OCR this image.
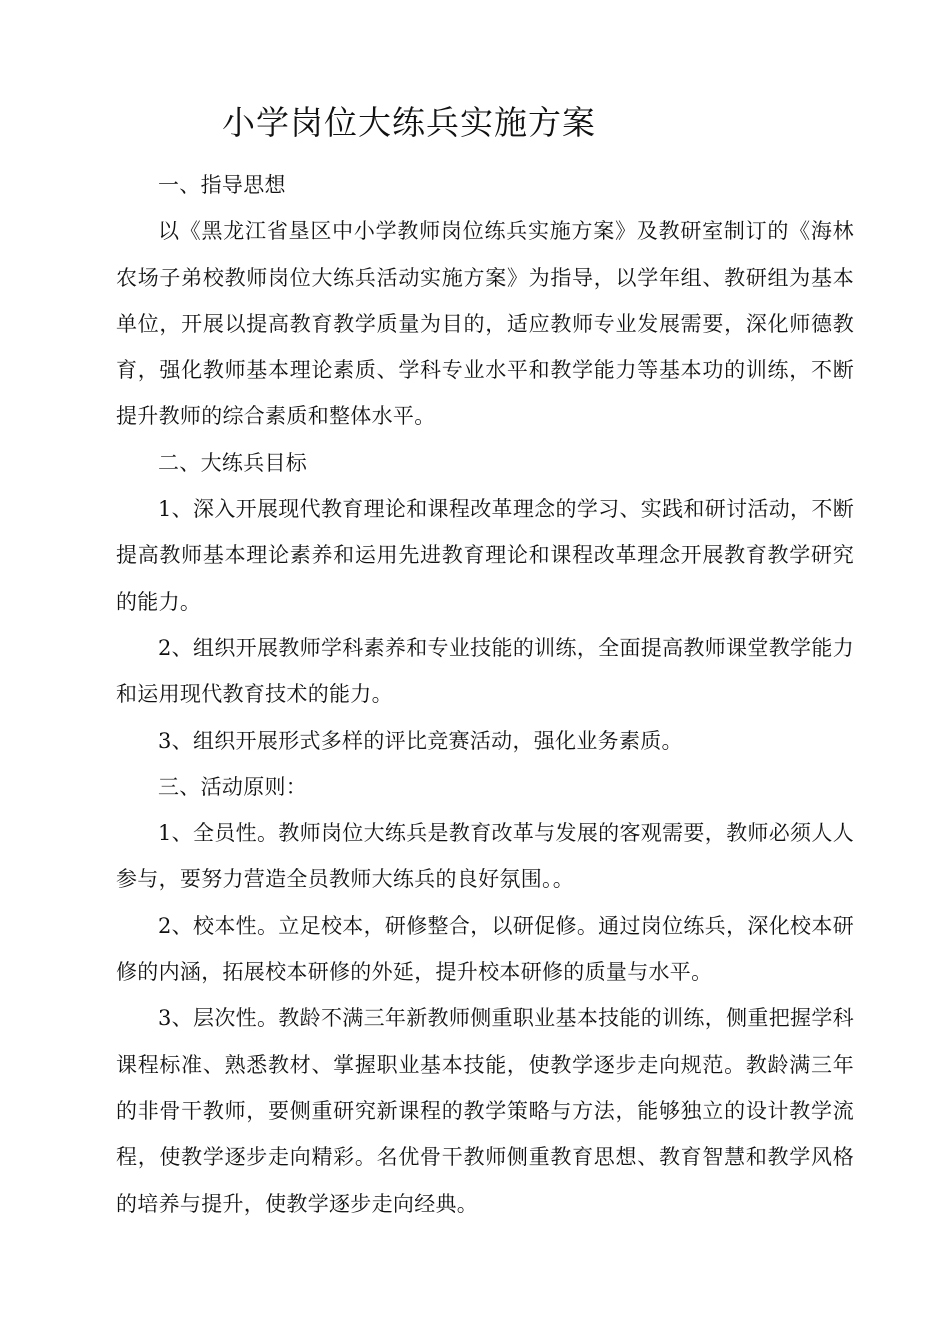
小学岗位大练兵实施方案

一、指导思想

以《黑龙江省垦区中小学教师岗位练兵实施方案》及教研室制订的《海林农场子弟校教师岗位大练兵活动实施方案》为指导，以学年组、教研组为基本单位，开展以提高教育教学质量为目的，适应教师专业发展需要，深化师德教育，强化教师基本理论素质、学科专业水平和教学能力等基本功的训练，不断提升教师的综合素质和整体水平。

二、大练兵目标

1、深入开展现代教育理论和课程改革理念的学习、实践和研讨活动，不断提高教师基本理论素养和运用先进教育理论和课程改革理念开展教育教学研究的能力。

2、组织开展教师学科素养和专业技能的训练，全面提高教师课堂教学能力和运用现代教育技术的能力。

3、组织开展形式多样的评比竞赛活动，强化业务素质。

三、活动原则：

1、全员性。教师岗位大练兵是教育改革与发展的客观需要，教师必须人人参与，要努力营造全员教师大练兵的良好氛围。。

2、校本性。立足校本，研修整合，以研促修。通过岗位练兵，深化校本研修的内涵，拓展校本研修的外延，提升校本研修的质量与水平。

3、层次性。教龄不满三年新教师侧重职业基本技能的训练，侧重把握学科课程标准、熟悉教材、掌握职业基本技能，使教学逐步走向规范。教龄满三年的非骨干教师，要侧重研究新课程的教学策略与方法，能够独立的设计教学流程，使教学逐步走向精彩。名优骨干教师侧重教育思想、教育智慧和教学风格的培养与提升，使教学逐步走向经典。
